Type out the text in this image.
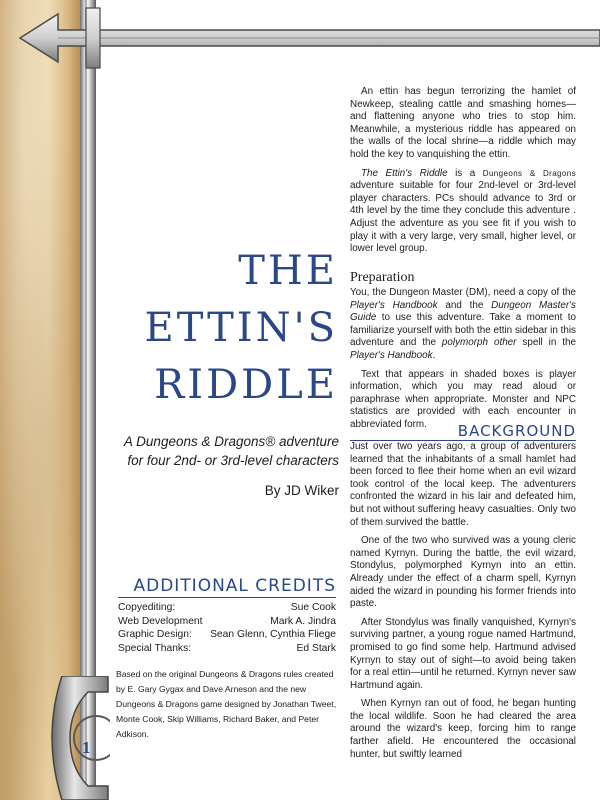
1
THE
ETTIN'S
RIDDLE
A Dungeons & Dragons® adventure
for four 2nd- or 3rd-level characters
By JD Wiker
ADDITIONAL CREDITS
Copyediting:	Sue Cook
Web Development	Mark A. Jindra
Graphic Design: Sean Glenn, Cynthia Fliege
Special Thanks:	Ed Stark
Based on the original Dungeons & Dragons rules created by E. Gary Gygax and Dave Arneson and the new Dungeons & Dragons game designed by Jonathan Tweet, Monte Cook, Skip Williams, Richard Baker, and Peter Adkison.

An ettin has begun terrorizing the hamlet of Newkeep, stealing cattle and smashing homes—and flattening anyone who tries to stop him. Meanwhile, a mysterious riddle has appeared on the walls of the local shrine—a riddle which may hold the key to vanquishing the ettin.

The Ettin's Riddle is a Dungeons & Dragons adventure suitable for four 2nd-level or 3rd-level player characters. PCs should advance to 3rd or 4th level by the time they conclude this adventure . Adjust the adventure as you see fit if you wish to play it with a very large, very small, higher level, or lower level group.

Preparation

You, the Dungeon Master (DM), need a copy of the Player's Handbook and the Dungeon Master's Guide to use this adventure. Take a moment to familiarize yourself with both the ettin sidebar in this adventure and the polymorph other spell in the Player's Handbook.

Text that appears in shaded boxes is player information, which you may read aloud or paraphrase when appropriate. Monster and NPC statistics are provided with each encounter in abbreviated form.	BACKGROUND

Just over two years ago, a group of adventurers learned that the inhabitants of a small hamlet had been forced to flee their home when an evil wizard took control of the local keep. The adventurers confronted the wizard in his lair and defeated him, but not without suffering heavy casualties. Only two of them survived the battle.

One of the two who survived was a young cleric named Kyrnyn. During the battle, the evil wizard, Stondylus, polymorphed Kyrnyn into an ettin. Already under the effect of a charm spell, Kyrnyn aided the wizard in pounding his former friends into paste.

After Stondylus was finally vanquished, Kyrnyn's surviving partner, a young rogue named Hartmund, promised to go find some help. Hartmund advised Kyrnyn to stay out of sight—to avoid being taken for a real ettin—until he returned. Kyrnyn never saw Hartmund again.

When Kyrnyn ran out of food, he began hunting the local wildlife. Soon he had cleared the area around the wizard's keep, forcing him to range farther afield. He encountered the occasional hunter, but swiftly learned
